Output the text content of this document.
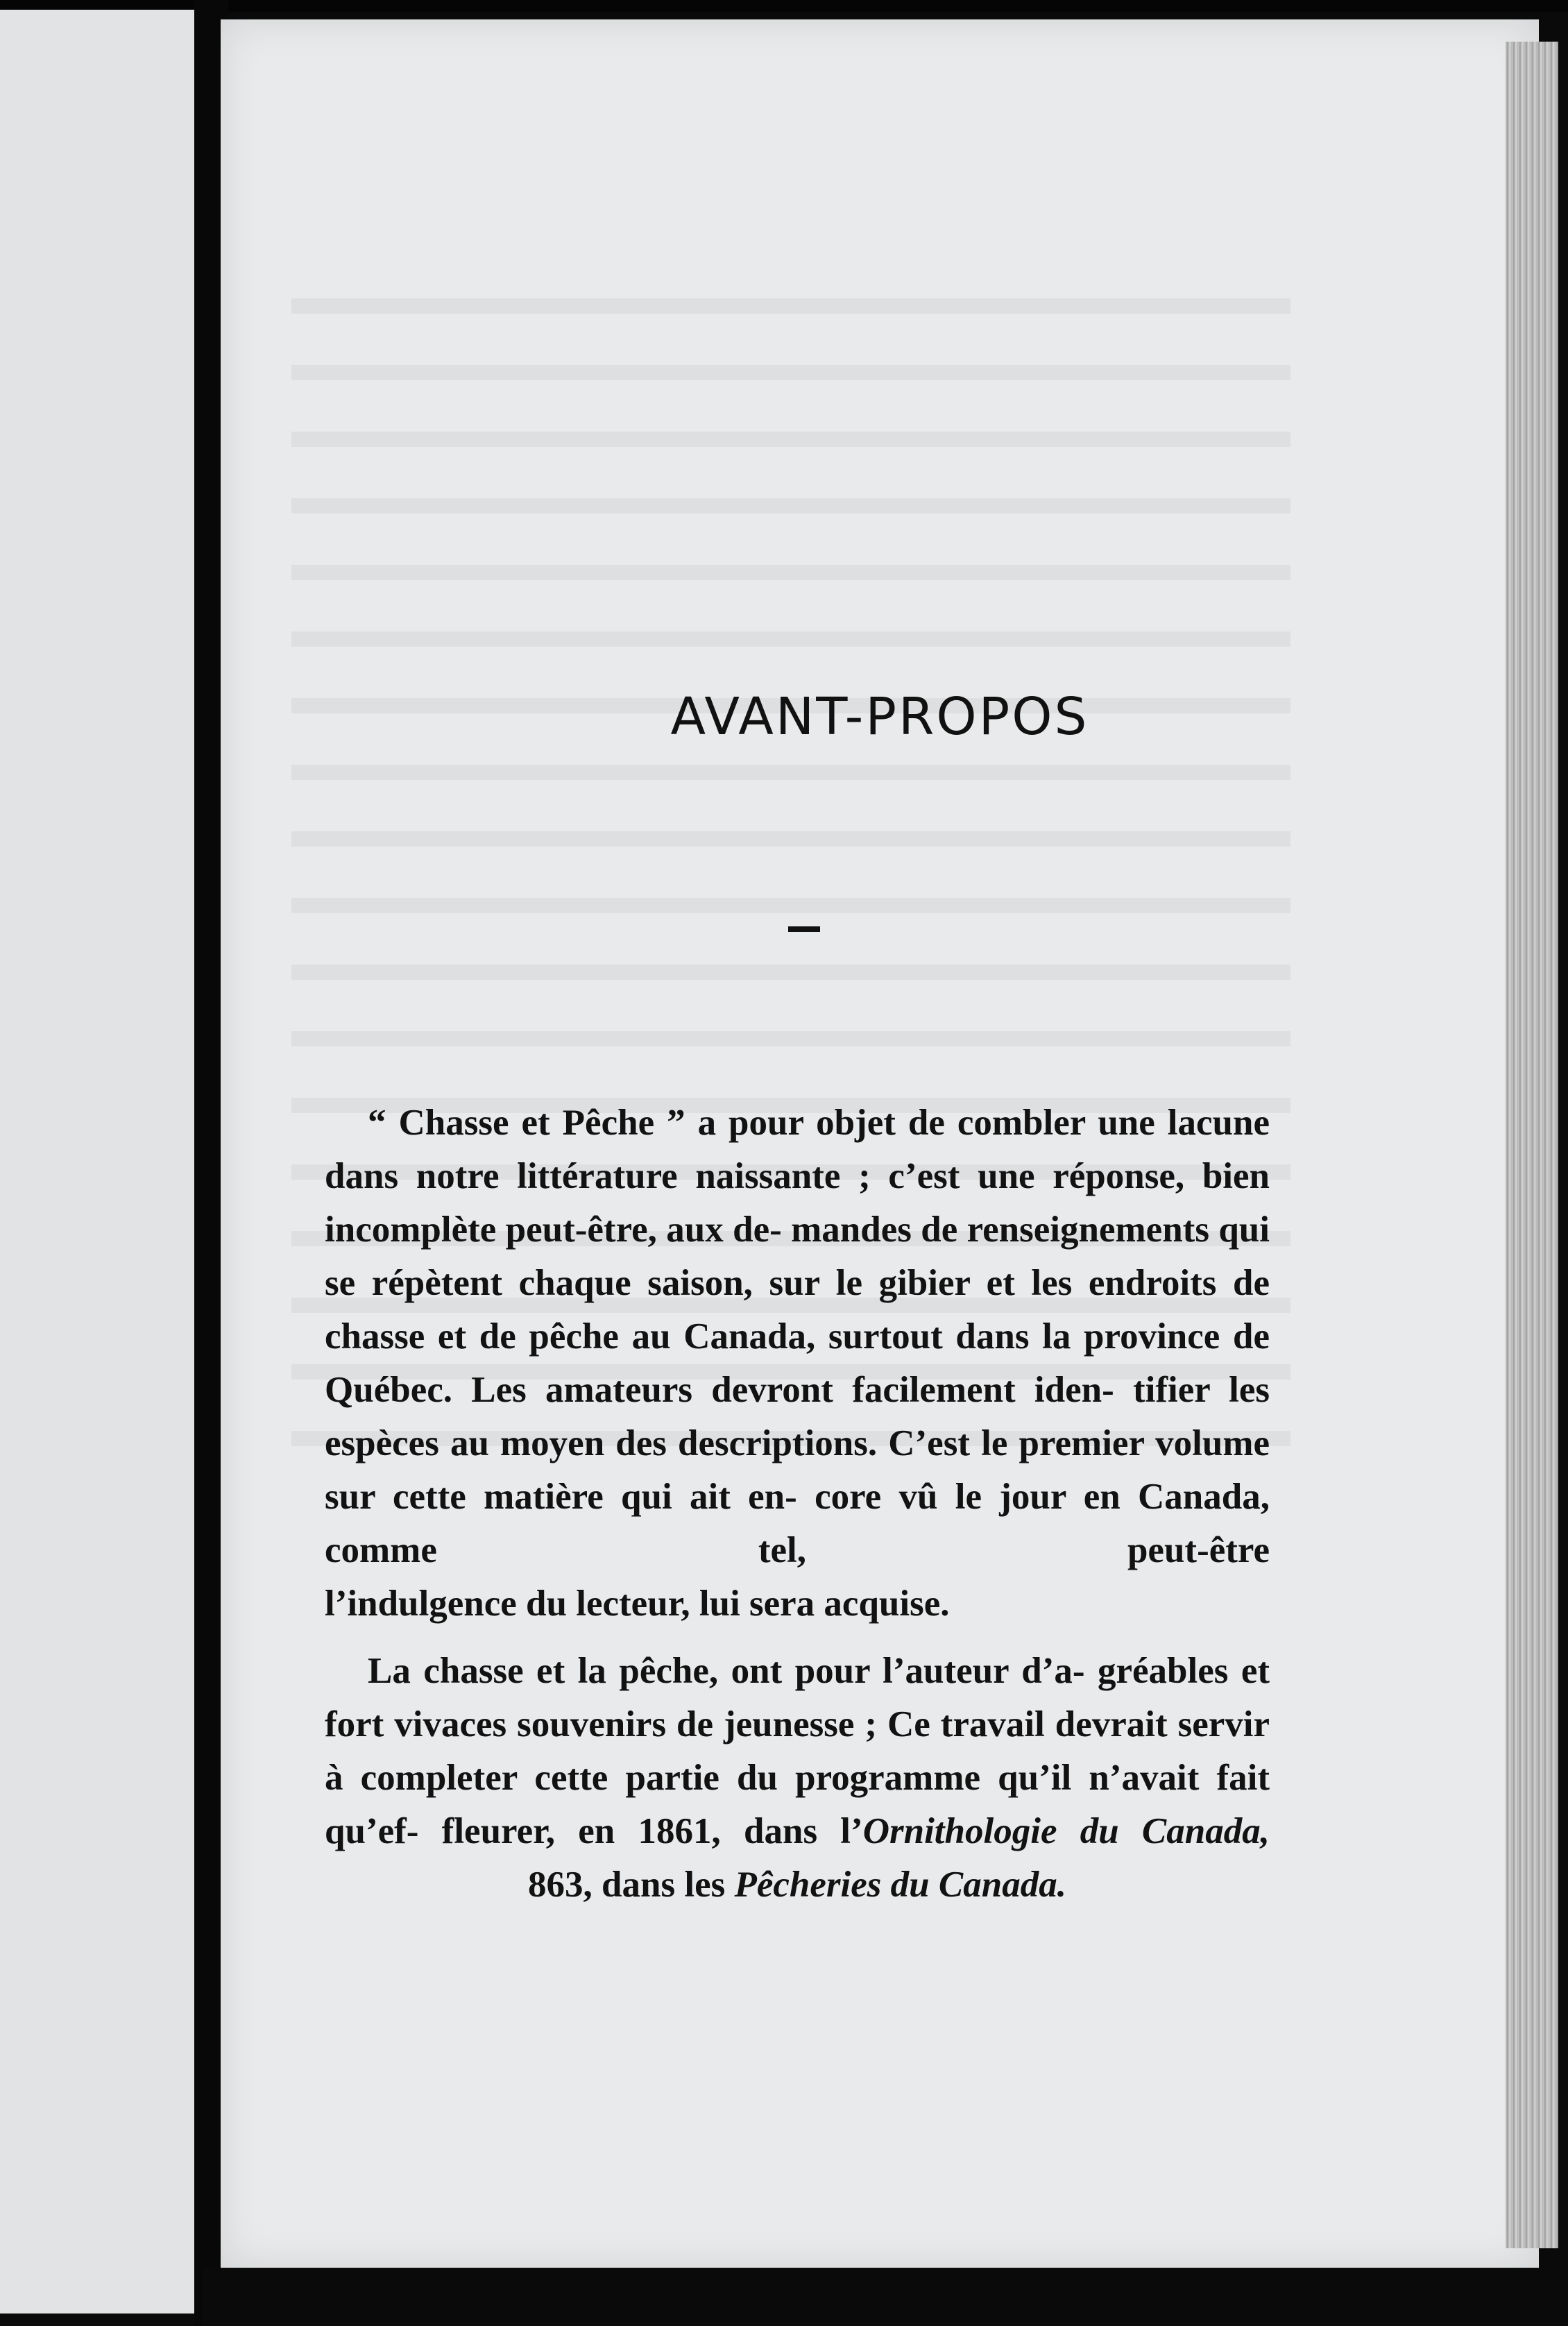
AVANT-PROPOS

“ Chasse et Pêche ” a pour objet de combler une lacune dans notre littérature naissante ; c’est une réponse, bien incomplète peut-être, aux de- mandes de renseignements qui se répètent chaque saison, sur le gibier et les endroits de chasse et de pêche au Canada, surtout dans la province de Québec. Les amateurs devront facilement iden- tifier les espèces au moyen des descriptions. C’est le premier volume sur cette matière qui ait en- core vû le jour en Canada, comme tel, peut-être

l’indulgence du lecteur, lui sera acquise.

La chasse et la pêche, ont pour l’auteur d’a- gréables et fort vivaces souvenirs de jeunesse ; Ce travail devrait servir à completer cette partie du programme qu’il n’avait fait qu’ef- fleurer, en 1861, dans l’Ornithologie du Canada,

863, dans les Pêcheries du Canada.
